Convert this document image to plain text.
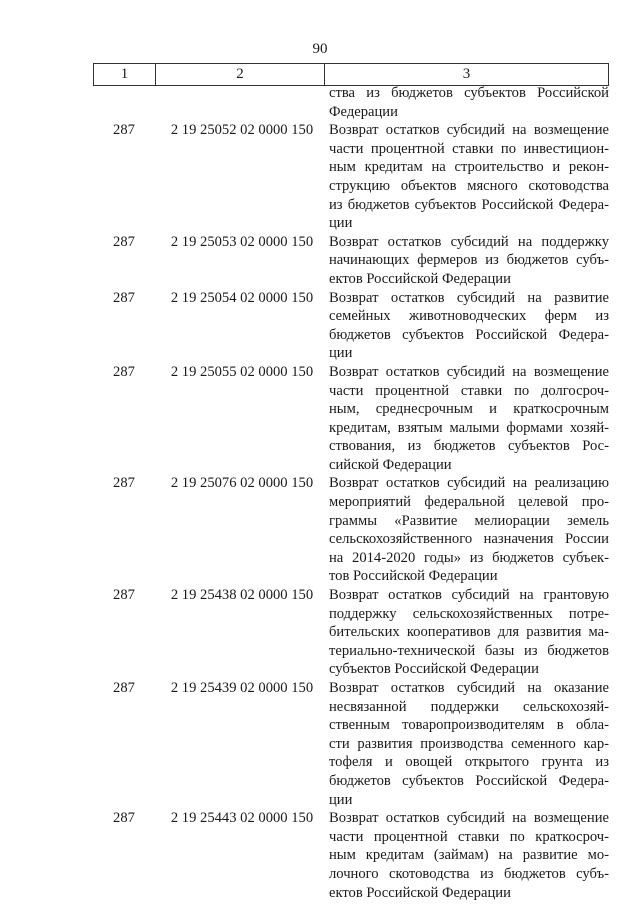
90
1	2	3
ства из бюджетов субъектов Российской
Федерации
287	2 19 25052 02 0000 150	Возврат остатков субсидий на возмещение
части процентной ставки по инвестицион-
ным кредитам на строительство и рекон-
струкцию объектов мясного скотоводства
из бюджетов субъектов Российской Федера-
ции
287	2 19 25053 02 0000 150	Возврат остатков субсидий на поддержку
начинающих фермеров из бюджетов субъ-
ектов Российской Федерации
287	2 19 25054 02 0000 150	Возврат остатков субсидий на развитие
семейных животноводческих ферм из
бюджетов субъектов Российской Федера-
ции
287	2 19 25055 02 0000 150	Возврат остатков субсидий на возмещение
части процентной ставки по долгосроч-
ным, среднесрочным и краткосрочным
кредитам, взятым малыми формами хозяй-
ствования, из бюджетов субъектов Рос-
сийской Федерации
287	2 19 25076 02 0000 150	Возврат остатков субсидий на реализацию
мероприятий федеральной целевой про-
граммы «Развитие мелиорации земель
сельскохозяйственного назначения России
на 2014-2020 годы» из бюджетов субъек-
тов Российской Федерации
287	2 19 25438 02 0000 150	Возврат остатков субсидий на грантовую
поддержку сельскохозяйственных потре-
бительских кооперативов для развития ма-
териально-технической базы из бюджетов
субъектов Российской Федерации
287	2 19 25439 02 0000 150	Возврат остатков субсидий на оказание
несвязанной поддержки сельскохозяй-
ственным товаропроизводителям в обла-
сти развития производства семенного кар-
тофеля и овощей открытого грунта из
бюджетов субъектов Российской Федера-
ции
287	2 19 25443 02 0000 150	Возврат остатков субсидий на возмещение
части процентной ставки по краткосроч-
ным кредитам (займам) на развитие мо-
лочного скотоводства из бюджетов субъ-
ектов Российской Федерации
